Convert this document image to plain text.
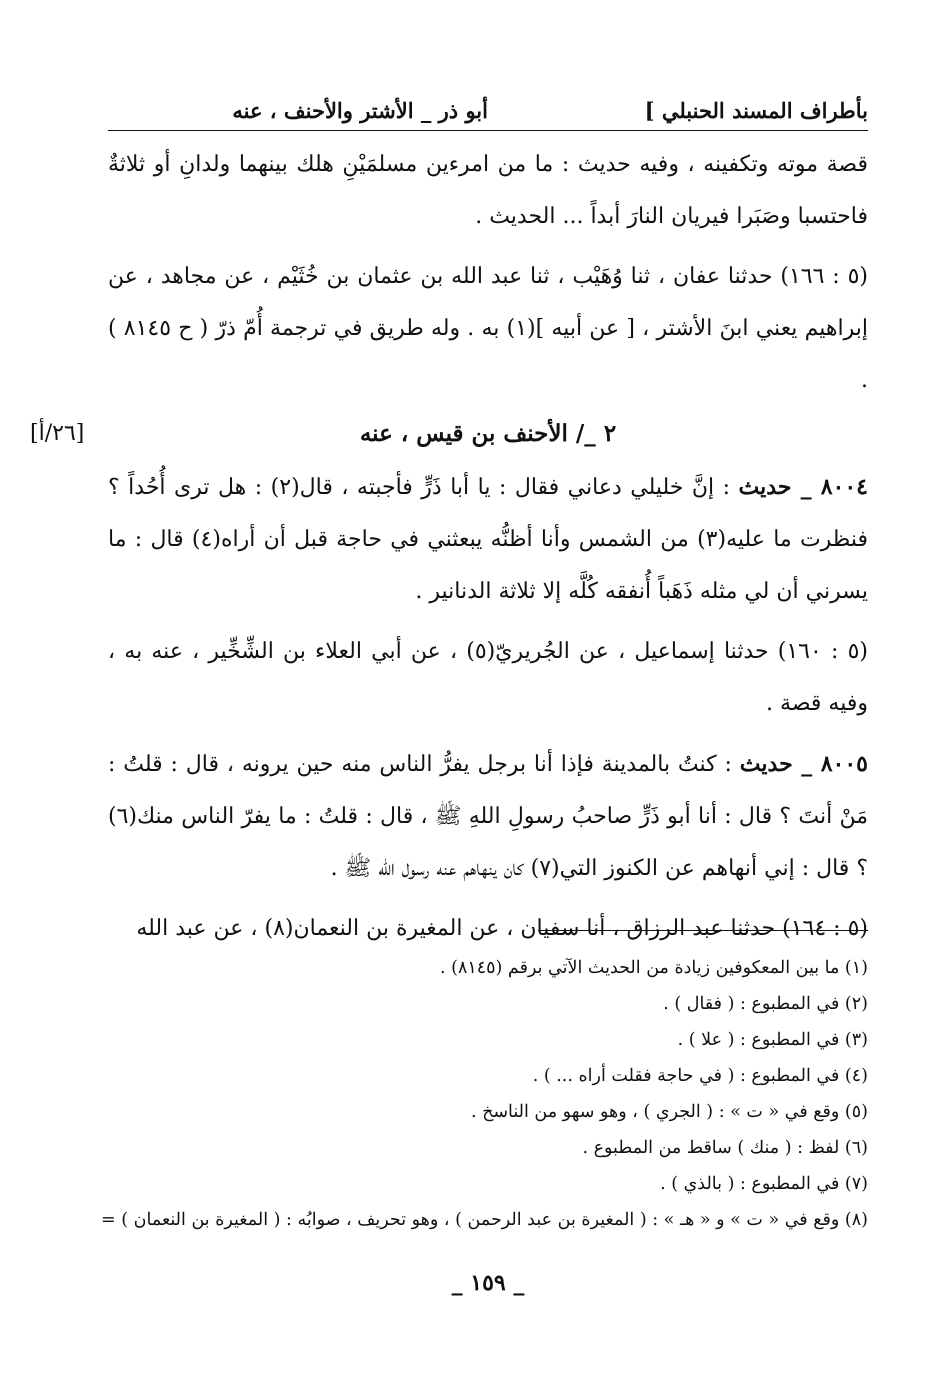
بأطراف المسند الحنبلي ]
أبو ذر _ الأشتر والأحنف ، عنه

قصة موته وتكفينه ، وفيه حديث : ما من امرءين مسلمَيْنِ هلك بينهما ولدانِ أو ثلاثةٌ فاحتسبا وصَبَرا فيريان النارَ أبداً ... الحديث .

(٥ : ١٦٦) حدثنا عفان ، ثنا وُهَيْب ، ثنا عبد الله بن عثمان بن خُثَيْم ، عن مجاهد ، عن إبراهيم يعني ابنَ الأشتر ، [ عن أبيه ](١) به . وله طريق في ترجمة أُمّ ذرّ ( ح ٨١٤٥ ) .

٢ _/ الأحنف بن قيس ، عنه
[٢٦/أ]

٨٠٠٤ _ حديث : إنَّ خليلي دعاني فقال : يا أبا ذَرٍّ فأجبته ، قال(٢) : هل ترى أُحُداً ؟ فنظرت ما عليه(٣) من الشمس وأنا أظنُّه يبعثني في حاجة قبل أن أراه(٤) قال : ما يسرني أن لي مثله ذَهَباً أُنفقه كُلَّه إلا ثلاثة الدنانير .

(٥ : ١٦٠) حدثنا إسماعيل ، عن الجُريريّ(٥) ، عن أبي العلاء بن الشِّخِّير ، عنه به ، وفيه قصة .

٨٠٠٥ _ حديث : كنتُ بالمدينة فإذا أنا برجل يفرُّ الناس منه حين يرونه ، قال : قلتُ : مَنْ أنتَ ؟ قال : أنا أبو ذَرٍّ صاحبُ رسولِ اللهِ ﷺ ، قال : قلتُ : ما يفرّ الناس منك(٦) ؟ قال : إني أنهاهم عن الكنوز التي(٧) كان ينهاهم عنه رسول الله ﷺ .

(٥ : ١٦٤) حدثنا عبد الرزاق ، أنا سفيان ، عن المغيرة بن النعمان(٨) ، عن عبد الله

(١) ما بين المعكوفين زيادة من الحديث الآتي برقم (٨١٤٥) .
(٢) في المطبوع : ( فقال ) .
(٣) في المطبوع : ( علا ) .
(٤) في المطبوع : ( في حاجة فقلت أراه ... ) .
(٥) وقع في « ت » : ( الجري ) ، وهو سهو من الناسخ .
(٦) لفظ : ( منك ) ساقط من المطبوع .
(٧) في المطبوع : ( بالذي ) .
(٨) وقع في « ت » و « هـ » : ( المغيرة بن عبد الرحمن ) ، وهو تحريف ، صوابُه : ( المغيرة بن النعمان ) =
_ ١٥٩ _
